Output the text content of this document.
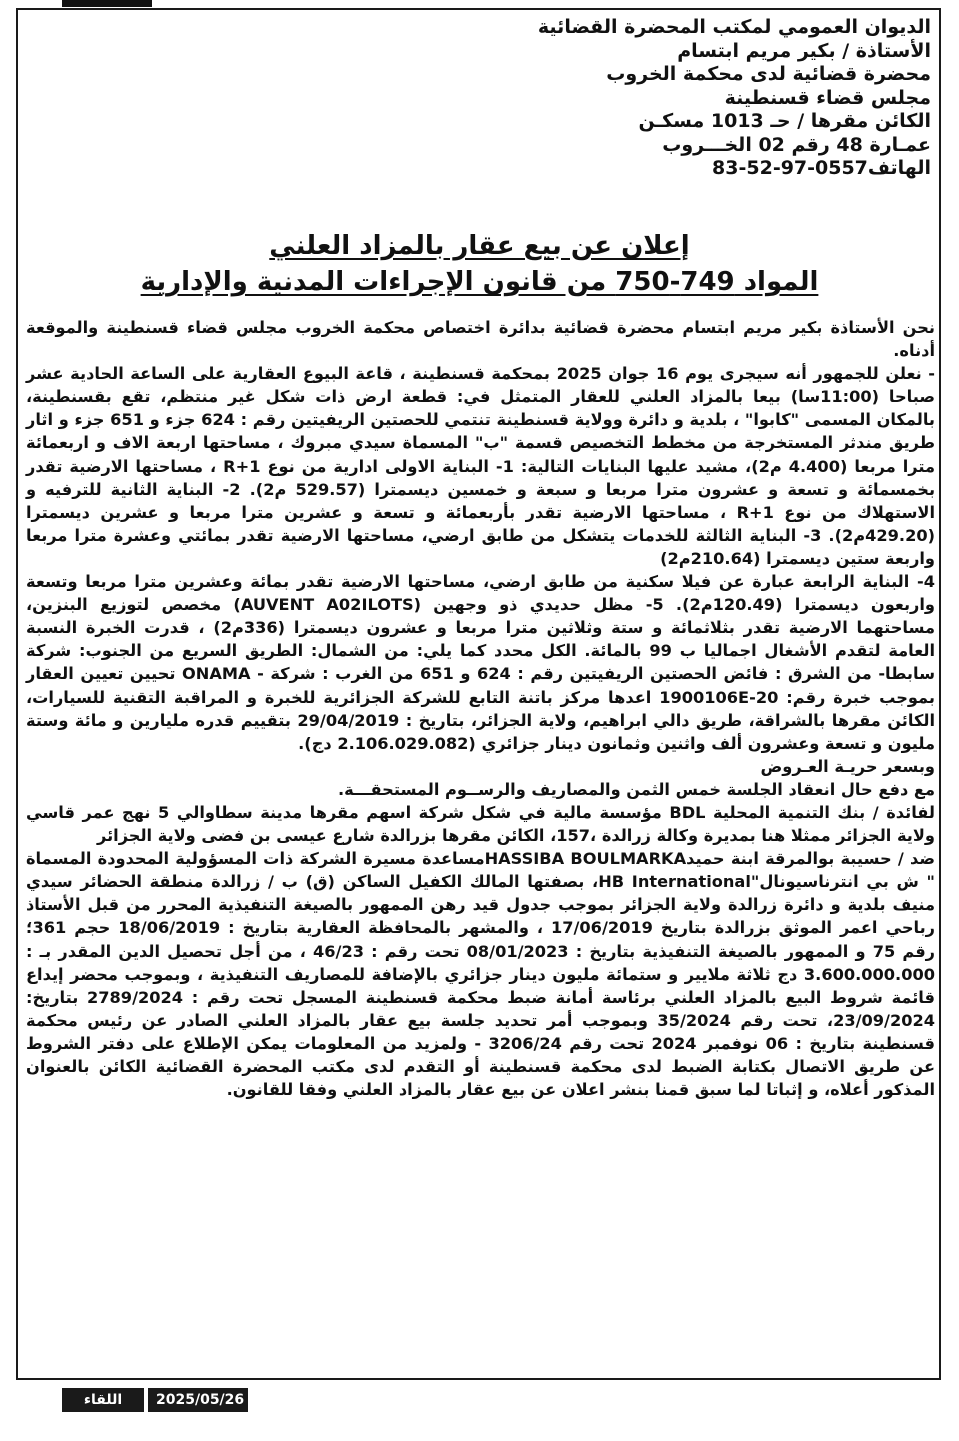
الديوان العمومي لمكتب المحضرة القضائية
الأستاذة / بكير مريم ابتسام
محضرة قضائية لدى محكمة الخروب
مجلس قضاء قسنطينة
الكائن مقرها / حـ 1013 مسكـن
عمـارة 48 رقم 02 الخـــروب
الهاتف83-52-97-0557
إعلان عن بيع عقار بالمزاد العلني
المواد 749-750 من قانون الإجراءات المدنية والإدارية

نحن الأستاذة بكير مريم ابتسام محضرة قضائية بدائرة اختصاص محكمة الخروب مجلس قضاء قسنطينة والموقعة أدناه.

- نعلن للجمهور أنه سيجرى يوم 16 جوان 2025 بمحكمة قسنطينة ، قاعة البيوع العقارية على الساعة الحادية عشر صباحا (11:00سا) بيعا بالمزاد العلني للعقار المتمثل في: قطعة ارض ذات شكل غير منتظم، تقع بقسنطينة، بالمكان المسمى "كابوا" ، بلدية و دائرة وولاية قسنطينة تنتمي للحصتين الريفيتين رقم : 624 جزء و 651 جزء و اثار طريق مندثر المستخرجة من مخطط التخصيص قسمة "ب" المسماة سيدي مبروك ، مساحتها اربعة الاف و اربعمائة مترا مربعا (4.400 م2)، مشيد عليها البنايات التالية: 1- البناية الاولى ادارية من نوع R+1 ، مساحتها الارضية تقدر بخمسمائة و تسعة و عشرون مترا مربعا و سبعة و خمسين ديسمترا (529.57 م2). 2- البناية الثانية للترفيه و الاستهلاك من نوع R+1 ، مساحتها الارضية تقدر بأربعمائة و تسعة و عشرين مترا مربعا و عشرين ديسمترا (429.20م2). 3- البناية الثالثة للخدمات يتشكل من طابق ارضي، مساحتها الارضية تقدر بمائتي وعشرة مترا مربعا واربعة ستين ديسمترا (210.64م2)

4- البناية الرابعة عبارة عن فيلا سكنية من طابق ارضي، مساحتها الارضية تقدر بمائة وعشرين مترا مربعا وتسعة واربعون ديسمترا (120.49م2). 5- مظل حديدي ذو وجهين (AUVENT A02ILOTS) مخصص لتوزيع البنزين، مساحتهما الارضية تقدر بثلاثمائة و ستة وثلاثين مترا مربعا و عشرون ديسمترا (336م2) ، قدرت الخبرة النسبة العامة لتقدم الأشغال اجماليا ب 99 بالمائة. الكل محدد كما يلي: من الشمال: الطريق السريع من الجنوب: شركة سابطا- من الشرق : فائض الحصتين الريفيتين رقم : 624 و 651 من الغرب : شركة - ONAMA تحيين تعيين العقار بموجب خبرة رقم: 20-1900106E اعدها مركز باتنة التابع للشركة الجزائرية للخبرة و المراقبة التقنية للسيارات، الكائن مقرها بالشراقة، طريق دالي ابراهيم، ولاية الجزائر، بتاريخ : 29/04/2019 بتقييم قدره مليارين و مائة وستة مليون و تسعة وعشرون ألف واثنين وثمانون دينار جزائري (2.106.029.082 دج).

وبسعر حريـة العـروض

مع دفع حال انعقاد الجلسة خمس الثمن والمصاريف والرســوم المستحقـــة.

لفائدة / بنك التنمية المحلية BDL مؤسسة مالية في شكل شركة اسهم مقرها مدينة سطاوالي 5 نهج عمر قاسي ولاية الجزائر ممثلا هنا بمديرة وكالة زرالدة ،157، الكائن مقرها بزرالدة شارع عيسى بن فضى ولاية الجزائر

ضد / حسيبة بوالمرقة ابنة حميدHASSIBA BOULMARKAمساعدة مسيرة الشركة ذات المسؤولية المحدودة المسماة " ش بي انترناسيونال"HB International، بصفتها المالك الكفيل الساكن (ق) ب / زرالدة منطقة الحضائر سيدي منيف بلدية و دائرة زرالدة ولاية الجزائر بموجب جدول قيد رهن الممهور بالصيغة التنفيذية المحرر من قبل الأستاذ رباحي اعمر الموثق بزرالدة بتاريخ 17/06/2019 ، والمشهر بالمحافظة العقارية بتاريخ : 18/06/2019 حجم 361؛ رقم 75 و الممهور بالصيغة التنفيذية بتاريخ : 08/01/2023 تحت رقم : 46/23 ، من أجل تحصيل الدين المقدر بـ : 3.600.000.000 دج ثلاثة ملايير و ستمائة مليون دينار جزائري بالإضافة للمصاريف التنفيذية ، وبموجب محضر إيداع قائمة شروط البيع بالمزاد العلني برئاسة أمانة ضبط محكمة قسنطينة المسجل تحت رقم : 2789/2024 بتاريخ: 23/09/2024، تحت رقم 35/2024 وبموجب أمر تحديد جلسة بيع عقار بالمزاد العلني الصادر عن رئيس محكمة قسنطينة بتاريخ : 06 نوفمبر 2024 تحت رقم 3206/24 - ولمزيد من المعلومات يمكن الإطلاع على دفتر الشروط عن طريق الاتصال بكتابة الضبط لدى محكمة قسنطينة أو التقدم لدى مكتب المحضرة القضائية الكائن بالعنوان المذكور أعلاه، و إثباتا لما سبق قمنا بنشر اعلان عن بيع عقار بالمزاد العلني وفقا للقانون.

اللقاء	2025/05/26
